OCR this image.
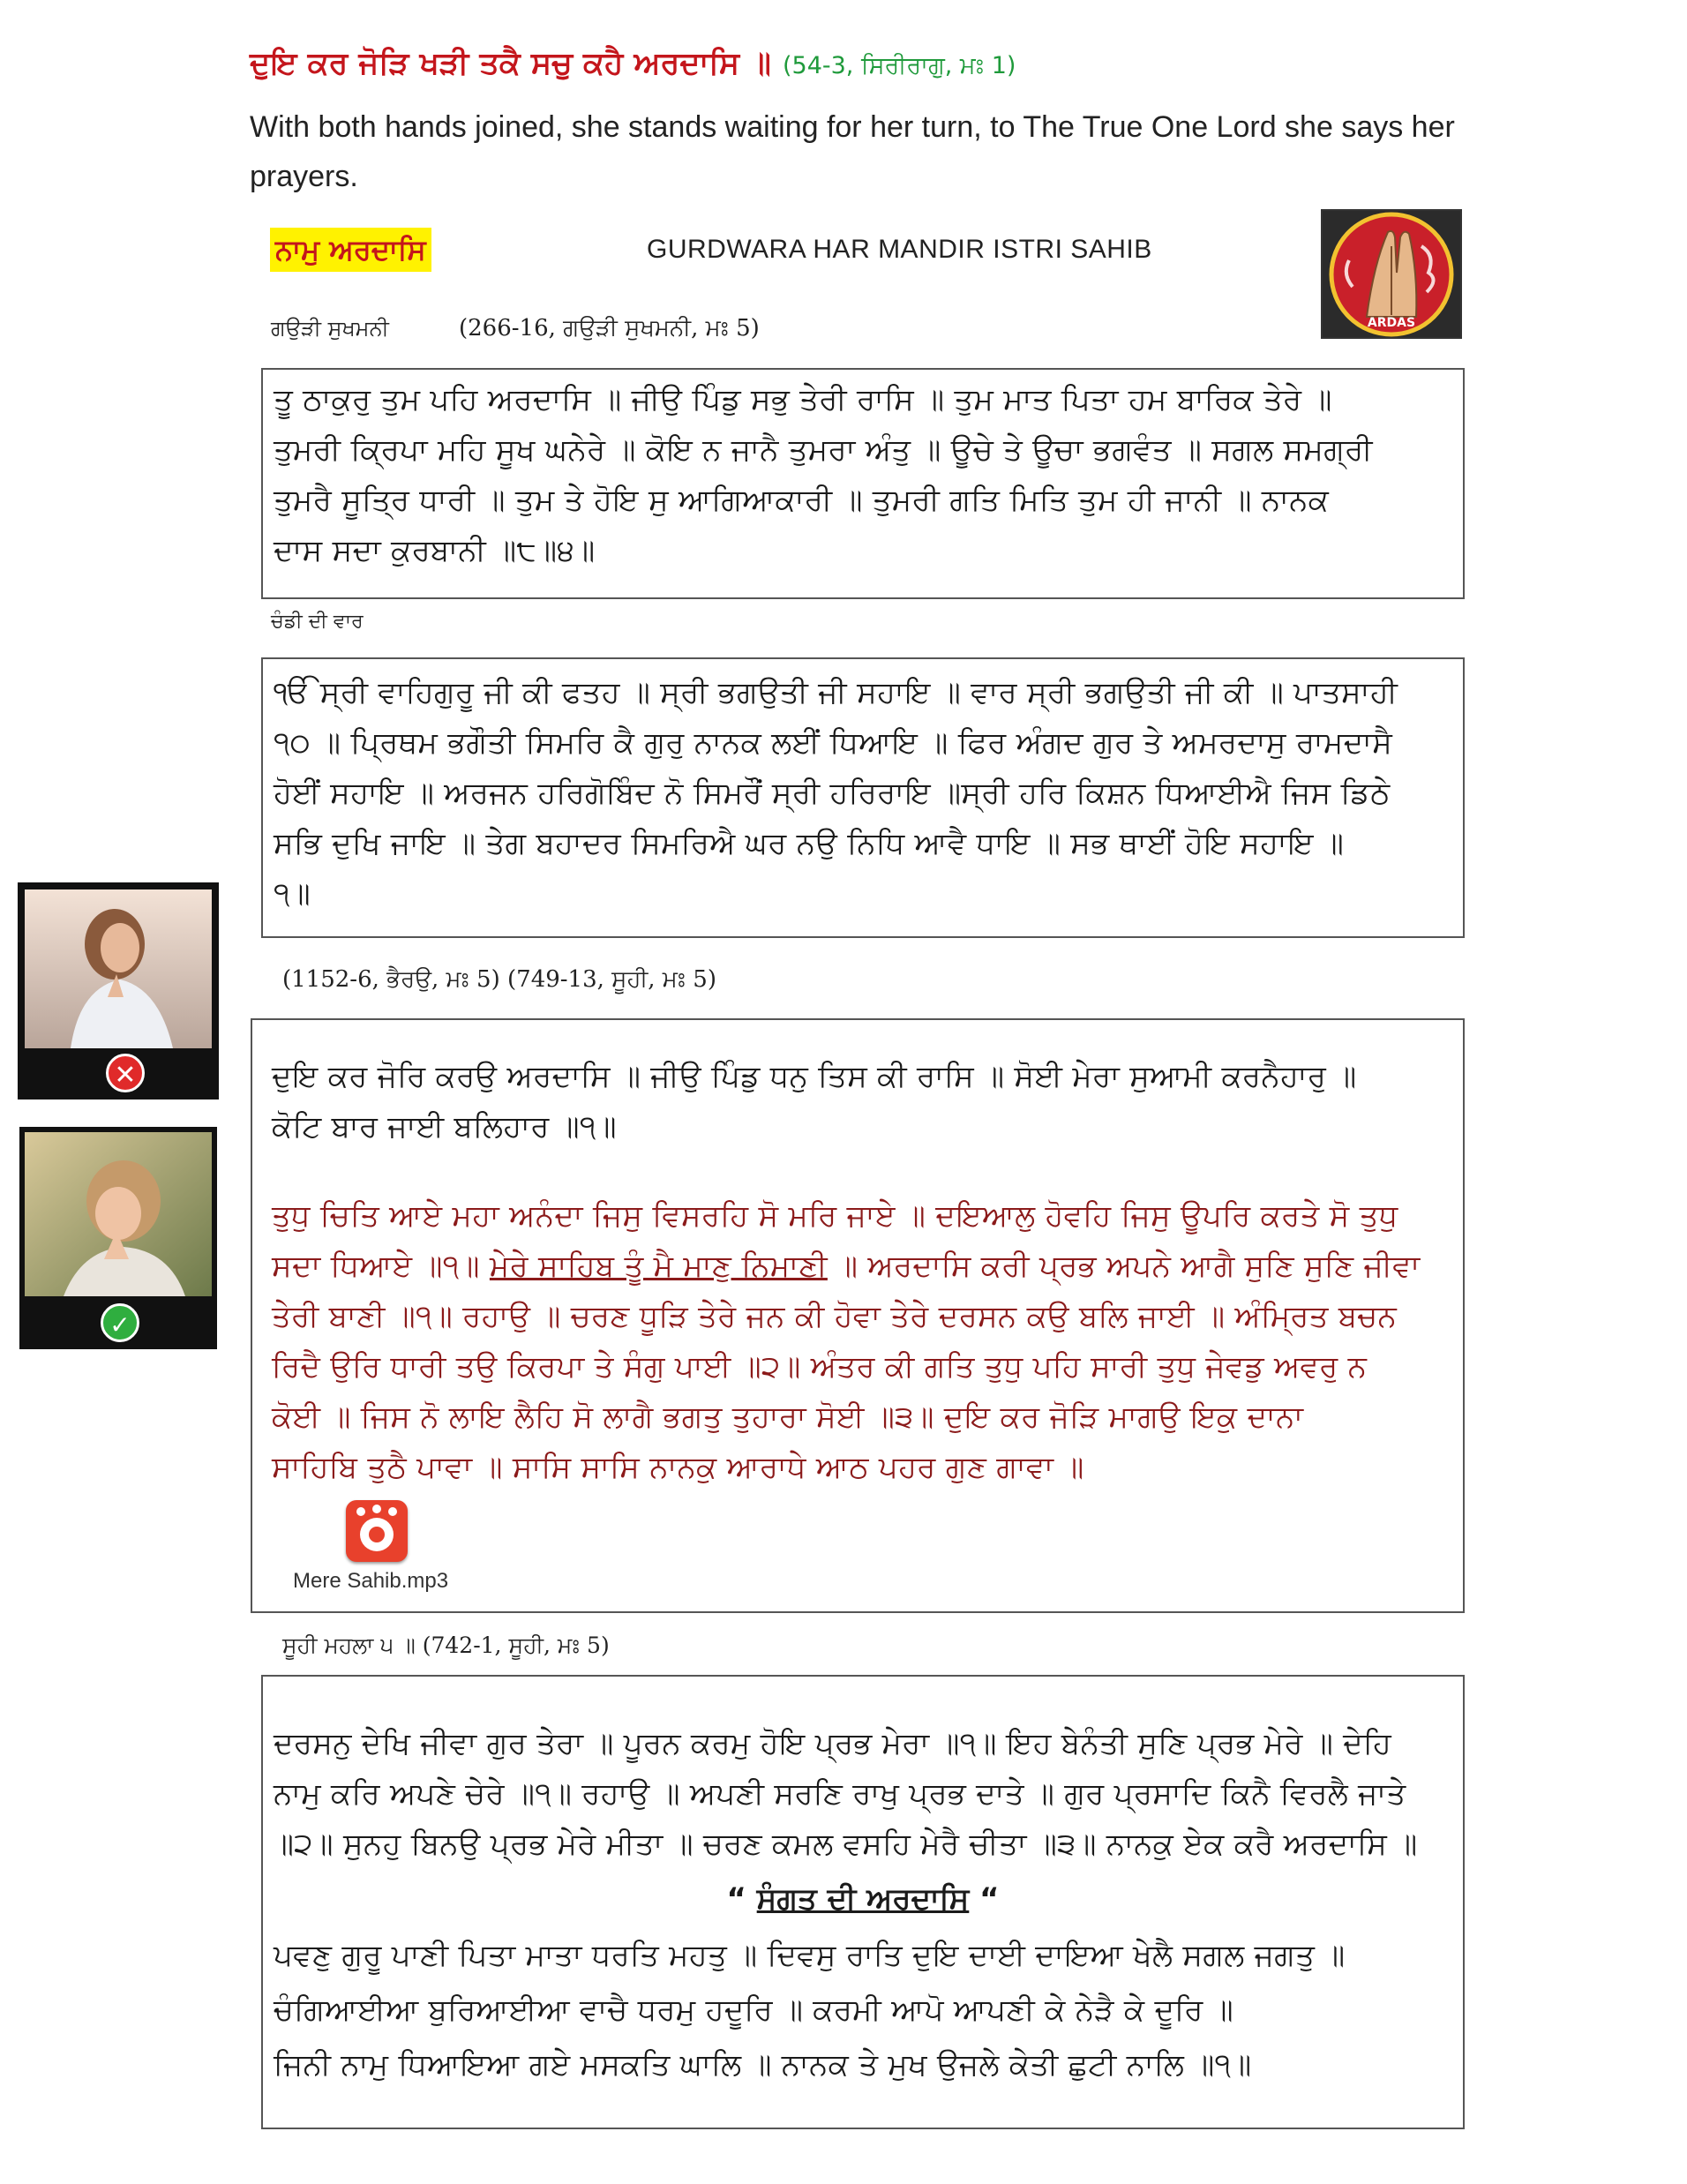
ਦੁਇ ਕਰ ਜੋੜਿ ਖੜੀ ਤਕੈ ਸਚੁ ਕਹੈ ਅਰਦਾਸਿ ॥ (54-3, ਸਿਰੀਰਾਗੁ, ਮਃ 1)
With both hands joined, she stands waiting for her turn, to The True One Lord she says her prayers.
ਨਾਮੁ ਅਰਦਾਸਿ	GURDWARA HAR MANDIR ISTRI SAHIB
ARDAS
ਗਉੜੀ ਸੁਖਮਨੀ	(266-16, ਗਉੜੀ ਸੁਖਮਨੀ, ਮਃ 5)
ਤੂ ਠਾਕੁਰੁ ਤੁਮ ਪਹਿ ਅਰਦਾਸਿ ॥ ਜੀਉ ਪਿੰਡੁ ਸਭੁ ਤੇਰੀ ਰਾਸਿ ॥ ਤੁਮ ਮਾਤ ਪਿਤਾ ਹਮ ਬਾਰਿਕ ਤੇਰੇ ॥
ਤੁਮਰੀ ਕ੍ਰਿਪਾ ਮਹਿ ਸੂਖ ਘਨੇਰੇ ॥ ਕੋਇ ਨ ਜਾਨੈ ਤੁਮਰਾ ਅੰਤੁ ॥ ਊਚੇ ਤੇ ਊਚਾ ਭਗਵੰਤ ॥ ਸਗਲ ਸਮਗ੍ਰੀ
ਤੁਮਰੈ ਸੂਤ੍ਰਿ ਧਾਰੀ ॥ ਤੁਮ ਤੇ ਹੋਇ ਸੁ ਆਗਿਆਕਾਰੀ ॥ ਤੁਮਰੀ ਗਤਿ ਮਿਤਿ ਤੁਮ ਹੀ ਜਾਨੀ ॥ ਨਾਨਕ
ਦਾਸ ਸਦਾ ਕੁਰਬਾਨੀ ॥੮॥੪॥
ਚੰਡੀ ਦੀ ਵਾਰ
ੴ ਸ੍ਰੀ ਵਾਹਿਗੁਰੂ ਜੀ ਕੀ ਫਤਹ ॥ ਸ੍ਰੀ ਭਗਉਤੀ ਜੀ ਸਹਾਇ ॥ ਵਾਰ ਸ੍ਰੀ ਭਗਉਤੀ ਜੀ ਕੀ ॥ ਪਾਤਸਾਹੀ
੧੦ ॥ ਪ੍ਰਿਥਮ ਭਗੌਤੀ ਸਿਮਰਿ ਕੈ ਗੁਰੁ ਨਾਨਕ ਲਈਂ ਧਿਆਇ ॥ ਫਿਰ ਅੰਗਦ ਗੁਰ ਤੇ ਅਮਰਦਾਸੁ ਰਾਮਦਾਸੈ
ਹੋਈਂ ਸਹਾਇ ॥ ਅਰਜਨ ਹਰਿਗੋਬਿੰਦ ਨੋ ਸਿਮਰੌਂ ਸ੍ਰੀ ਹਰਿਰਾਇ ॥ਸ੍ਰੀ ਹਰਿ ਕਿਸ਼ਨ ਧਿਆਈਐ ਜਿਸ ਡਿਠੇ
ਸਭਿ ਦੁਖਿ ਜਾਇ ॥ ਤੇਗ ਬਹਾਦਰ ਸਿਮਰਿਐ ਘਰ ਨਉ ਨਿਧਿ ਆਵੈ ਧਾਇ ॥ ਸਭ ਥਾਈਂ ਹੋਇ ਸਹਾਇ ॥
੧॥
✕
✓
(1152-6, ਭੈਰਉ, ਮਃ 5) (749-13, ਸੂਹੀ, ਮਃ 5)
ਦੁਇ ਕਰ ਜੋਰਿ ਕਰਉ ਅਰਦਾਸਿ ॥ ਜੀਉ ਪਿੰਡੁ ਧਨੁ ਤਿਸ ਕੀ ਰਾਸਿ ॥ ਸੋਈ ਮੇਰਾ ਸੁਆਮੀ ਕਰਨੈਹਾਰੁ ॥
ਕੋਟਿ ਬਾਰ ਜਾਈ ਬਲਿਹਾਰ ॥੧॥
ਤੁਧੁ ਚਿਤਿ ਆਏ ਮਹਾ ਅਨੰਦਾ ਜਿਸੁ ਵਿਸਰਹਿ ਸੋ ਮਰਿ ਜਾਏ ॥ ਦਇਆਲੁ ਹੋਵਹਿ ਜਿਸੁ ਊਪਰਿ ਕਰਤੇ ਸੋ ਤੁਧੁ
ਸਦਾ ਧਿਆਏ ॥੧॥ ਮੇਰੇ ਸਾਹਿਬ ਤੂੰ ਮੈ ਮਾਣੁ ਨਿਮਾਣੀ ॥ ਅਰਦਾਸਿ ਕਰੀ ਪ੍ਰਭ ਅਪਨੇ ਆਗੈ ਸੁਣਿ ਸੁਣਿ ਜੀਵਾ
ਤੇਰੀ ਬਾਣੀ ॥੧॥ ਰਹਾਉ ॥ ਚਰਣ ਧੂੜਿ ਤੇਰੇ ਜਨ ਕੀ ਹੋਵਾ ਤੇਰੇ ਦਰਸਨ ਕਉ ਬਲਿ ਜਾਈ ॥ ਅੰਮ੍ਰਿਤ ਬਚਨ
ਰਿਦੈ ਉਰਿ ਧਾਰੀ ਤਉ ਕਿਰਪਾ ਤੇ ਸੰਗੁ ਪਾਈ ॥੨॥ ਅੰਤਰ ਕੀ ਗਤਿ ਤੁਧੁ ਪਹਿ ਸਾਰੀ ਤੁਧੁ ਜੇਵਡੁ ਅਵਰੁ ਨ
ਕੋਈ ॥ ਜਿਸ ਨੋ ਲਾਇ ਲੈਹਿ ਸੋ ਲਾਗੈ ਭਗਤੁ ਤੁਹਾਰਾ ਸੋਈ ॥੩॥ ਦੁਇ ਕਰ ਜੋੜਿ ਮਾਗਉ ਇਕੁ ਦਾਨਾ
ਸਾਹਿਬਿ ਤੁਠੈ ਪਾਵਾ ॥ ਸਾਸਿ ਸਾਸਿ ਨਾਨਕੁ ਆਰਾਧੇ ਆਠ ਪਹਰ ਗੁਣ ਗਾਵਾ ॥
Mere Sahib.mp3
ਸੂਹੀ ਮਹਲਾ ੫ ॥ (742-1, ਸੂਹੀ, ਮਃ 5)
ਦਰਸਨੁ ਦੇਖਿ ਜੀਵਾ ਗੁਰ ਤੇਰਾ ॥ ਪੂਰਨ ਕਰਮੁ ਹੋਇ ਪ੍ਰਭ ਮੇਰਾ ॥੧॥ ਇਹ ਬੇਨੰਤੀ ਸੁਣਿ ਪ੍ਰਭ ਮੇਰੇ ॥ ਦੇਹਿ
ਨਾਮੁ ਕਰਿ ਅਪਣੇ ਚੇਰੇ ॥੧॥ ਰਹਾਉ ॥ ਅਪਣੀ ਸਰਣਿ ਰਾਖੁ ਪ੍ਰਭ ਦਾਤੇ ॥ ਗੁਰ ਪ੍ਰਸਾਦਿ ਕਿਨੈ ਵਿਰਲੈ ਜਾਤੇ
॥੨॥ ਸੁਨਹੁ ਬਿਨਉ ਪ੍ਰਭ ਮੇਰੇ ਮੀਤਾ ॥ ਚਰਣ ਕਮਲ ਵਸਹਿ ਮੇਰੈ ਚੀਤਾ ॥੩॥ ਨਾਨਕੁ ਏਕ ਕਰੈ ਅਰਦਾਸਿ ॥
“ ਸੰਗਤ ਦੀ ਅਰਦਾਸਿ “
ਪਵਣੁ ਗੁਰੂ ਪਾਣੀ ਪਿਤਾ ਮਾਤਾ ਧਰਤਿ ਮਹਤੁ ॥ ਦਿਵਸੁ ਰਾਤਿ ਦੁਇ ਦਾਈ ਦਾਇਆ ਖੇਲੈ ਸਗਲ ਜਗਤੁ ॥
ਚੰਗਿਆਈਆ ਬੁਰਿਆਈਆ ਵਾਚੈ ਧਰਮੁ ਹਦੂਰਿ ॥ ਕਰਮੀ ਆਪੋ ਆਪਣੀ ਕੇ ਨੇੜੈ ਕੇ ਦੂਰਿ ॥
ਜਿਨੀ ਨਾਮੁ ਧਿਆਇਆ ਗਏ ਮਸਕਤਿ ਘਾਲਿ ॥ ਨਾਨਕ ਤੇ ਮੁਖ ਉਜਲੇ ਕੇਤੀ ਛੁਟੀ ਨਾਲਿ ॥੧॥
